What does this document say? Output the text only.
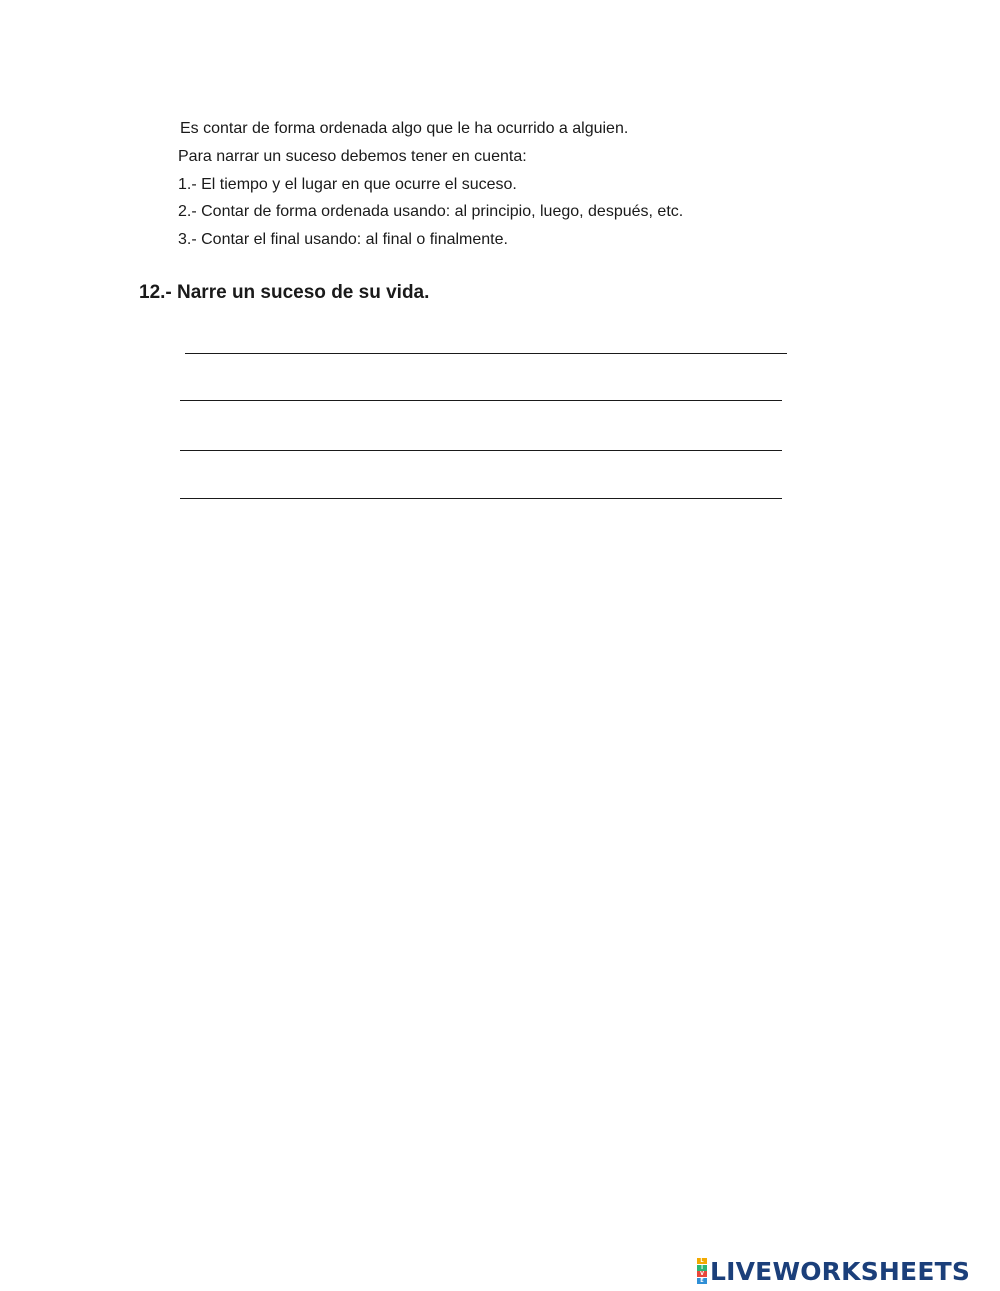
Es contar de forma ordenada algo que le ha ocurrido a alguien.

Para narrar un suceso debemos tener en cuenta:

1.- El tiempo y el lugar en que ocurre el suceso.

2.- Contar de forma ordenada usando: al principio, luego, después, etc.

3.- Contar el final usando: al final o finalmente.

12.- Narre un suceso de su vida.
L
I
V
E LIVEWORKSHEETS
